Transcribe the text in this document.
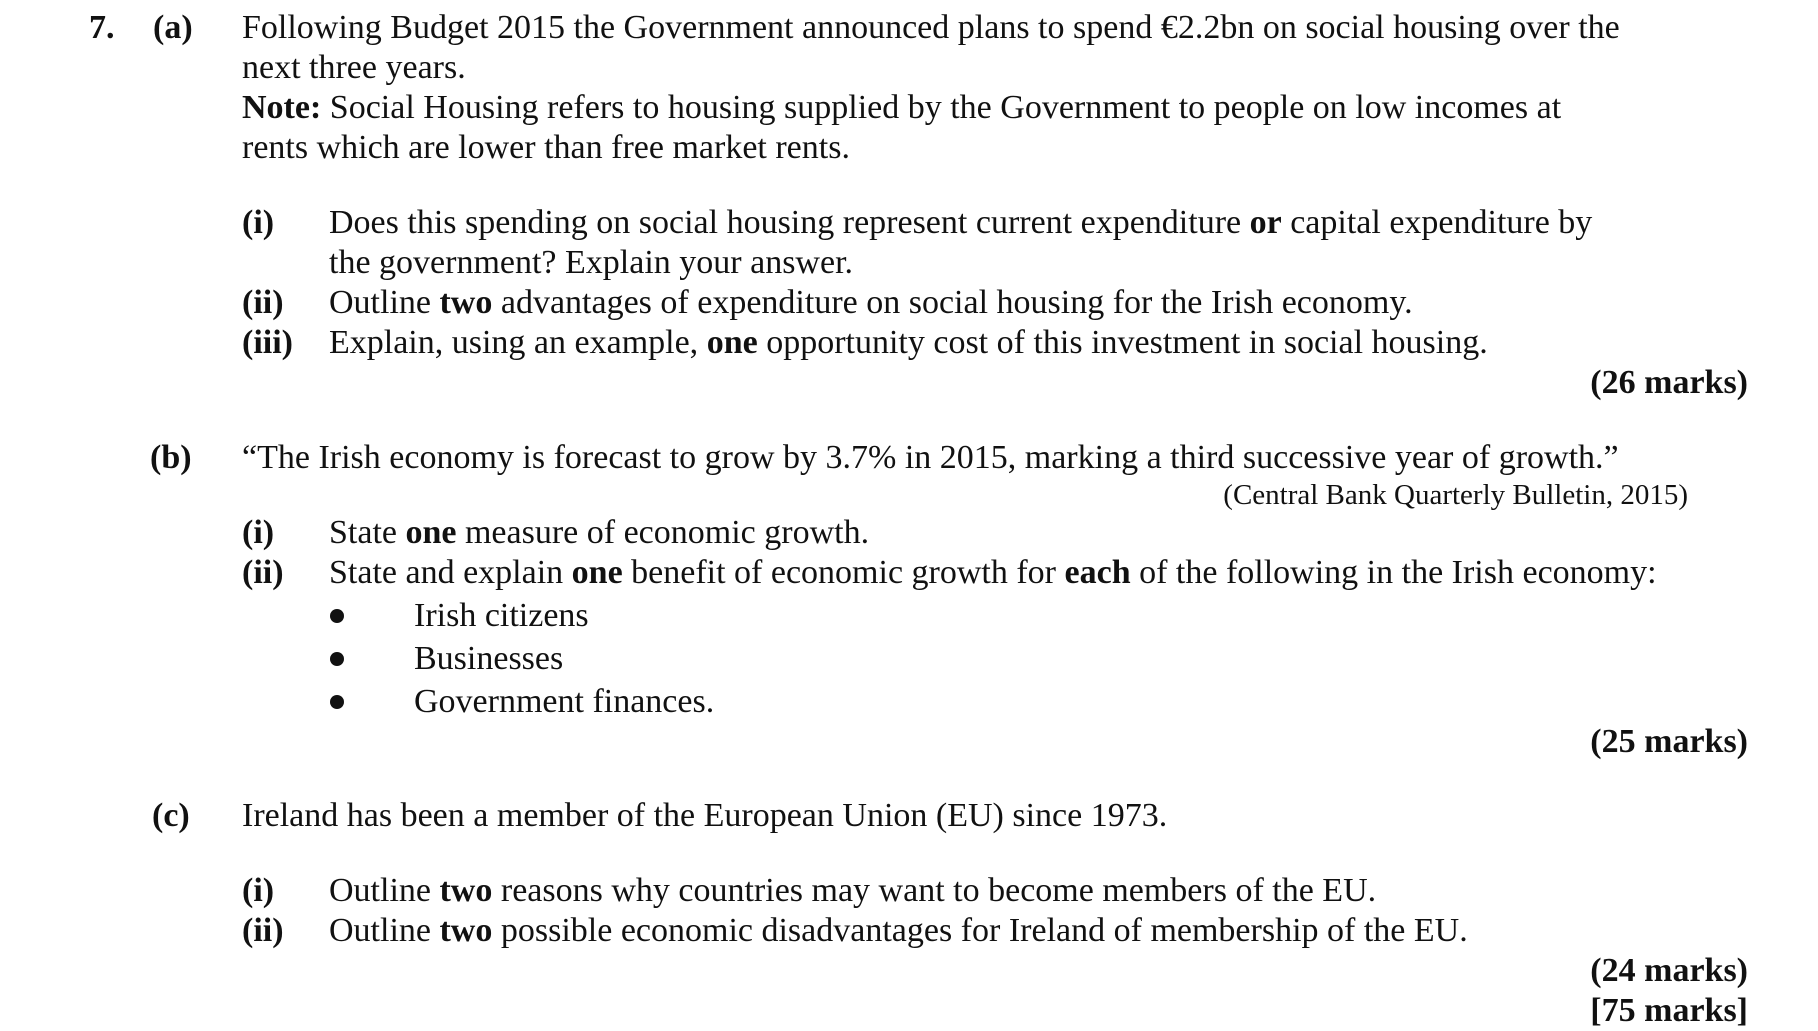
7. (a) Following Budget 2015 the Government announced plans to spend €2.2bn on social housing over the
next three years.
Note: Social Housing refers to housing supplied by the Government to people on low incomes at
rents which are lower than free market rents.
(i) Does this spending on social housing represent current expenditure or capital expenditure by
the government? Explain your answer.
(ii) Outline two advantages of expenditure on social housing for the Irish economy.
(iii) Explain, using an example, one opportunity cost of this investment in social housing.
(26 marks)
(b) “The Irish economy is forecast to grow by 3.7% in 2015, marking a third successive year of growth.”
(Central Bank Quarterly Bulletin, 2015)
(i) State one measure of economic growth.
(ii) State and explain one benefit of economic growth for each of the following in the Irish economy:
Irish citizens
Businesses
Government finances.
(25 marks)
(c) Ireland has been a member of the European Union (EU) since 1973.
(i) Outline two reasons why countries may want to become members of the EU.
(ii) Outline two possible economic disadvantages for Ireland of membership of the EU.
(24 marks)
[75 marks]
